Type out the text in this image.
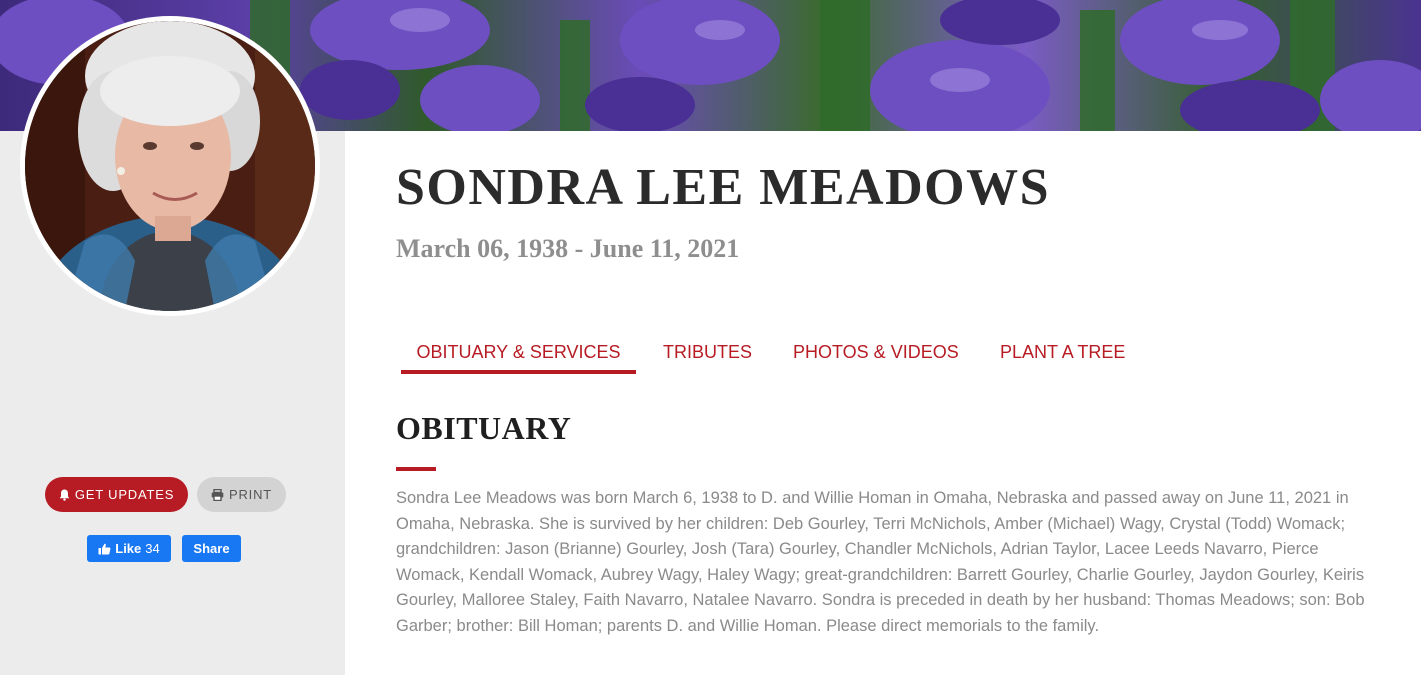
GET UPDATES	PRINT
Like 34	Share
SONDRA LEE MEADOWS

March 06, 1938 - June 11, 2021

OBITUARY & SERVICES	TRIBUTES PHOTOS & VIDEOS PLANT A TREE
OBITUARY

Sondra Lee Meadows was born March 6, 1938 to D. and Willie Homan in Omaha, Nebraska and passed away on June 11, 2021 in Omaha, Nebraska. She is survived by her children: Deb Gourley, Terri McNichols, Amber (Michael) Wagy, Crystal (Todd) Womack; grandchildren: Jason (Brianne) Gourley, Josh (Tara) Gourley, Chandler McNichols, Adrian Taylor, Lacee Leeds Navarro, Pierce Womack, Kendall Womack, Aubrey Wagy, Haley Wagy; great-grandchildren: Barrett Gourley, Charlie Gourley, Jaydon Gourley, Keiris Gourley, Malloree Staley, Faith Navarro, Natalee Navarro. Sondra is preceded in death by her husband: Thomas Meadows; son: Bob Garber; brother: Bill Homan; parents D. and Willie Homan. Please direct memorials to the family.
